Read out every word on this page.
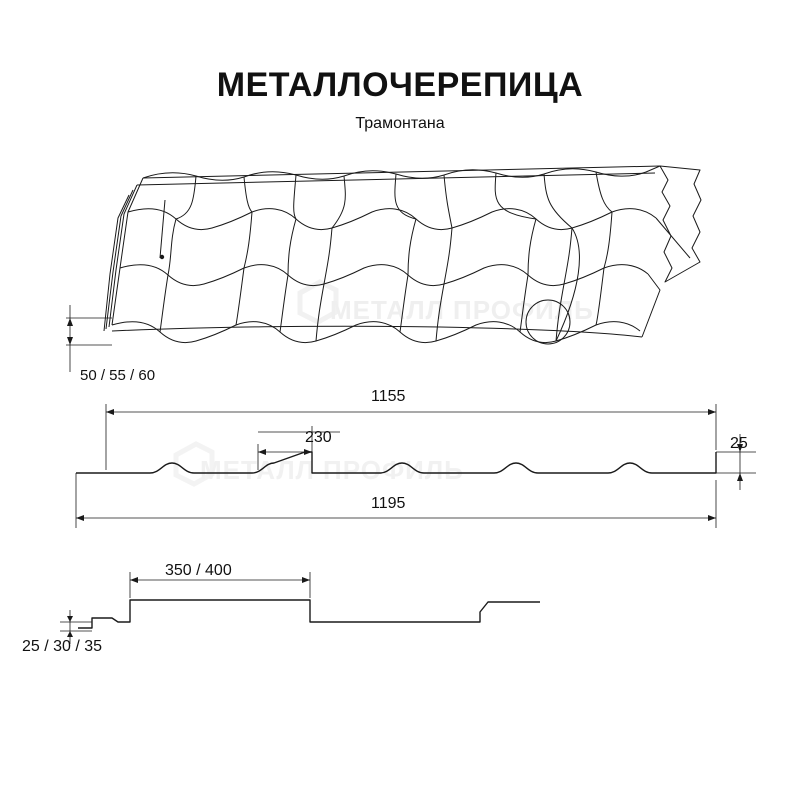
МЕТАЛЛ ПРОФИЛЬ
МЕТАЛЛ ПРОФИЛЬ
МЕТАЛЛОЧЕРЕПИЦА
Трамонтана
50 / 55 / 60
1155
230	25
1195
350 / 400
25 / 30 / 35
